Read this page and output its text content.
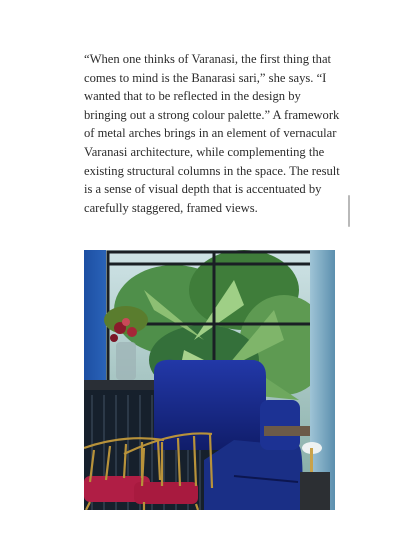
“When one thinks of Varanasi, the first thing that comes to mind is the Banarasi sari,” she says. “I wanted that to be reflected in the design by bringing out a strong colour palette.” A framework of metal arches brings in an element of vernacular Varanasi architecture, while complementing the existing structural columns in the space. The result is a sense of visual depth that is accentuated by carefully staggered, framed views.
